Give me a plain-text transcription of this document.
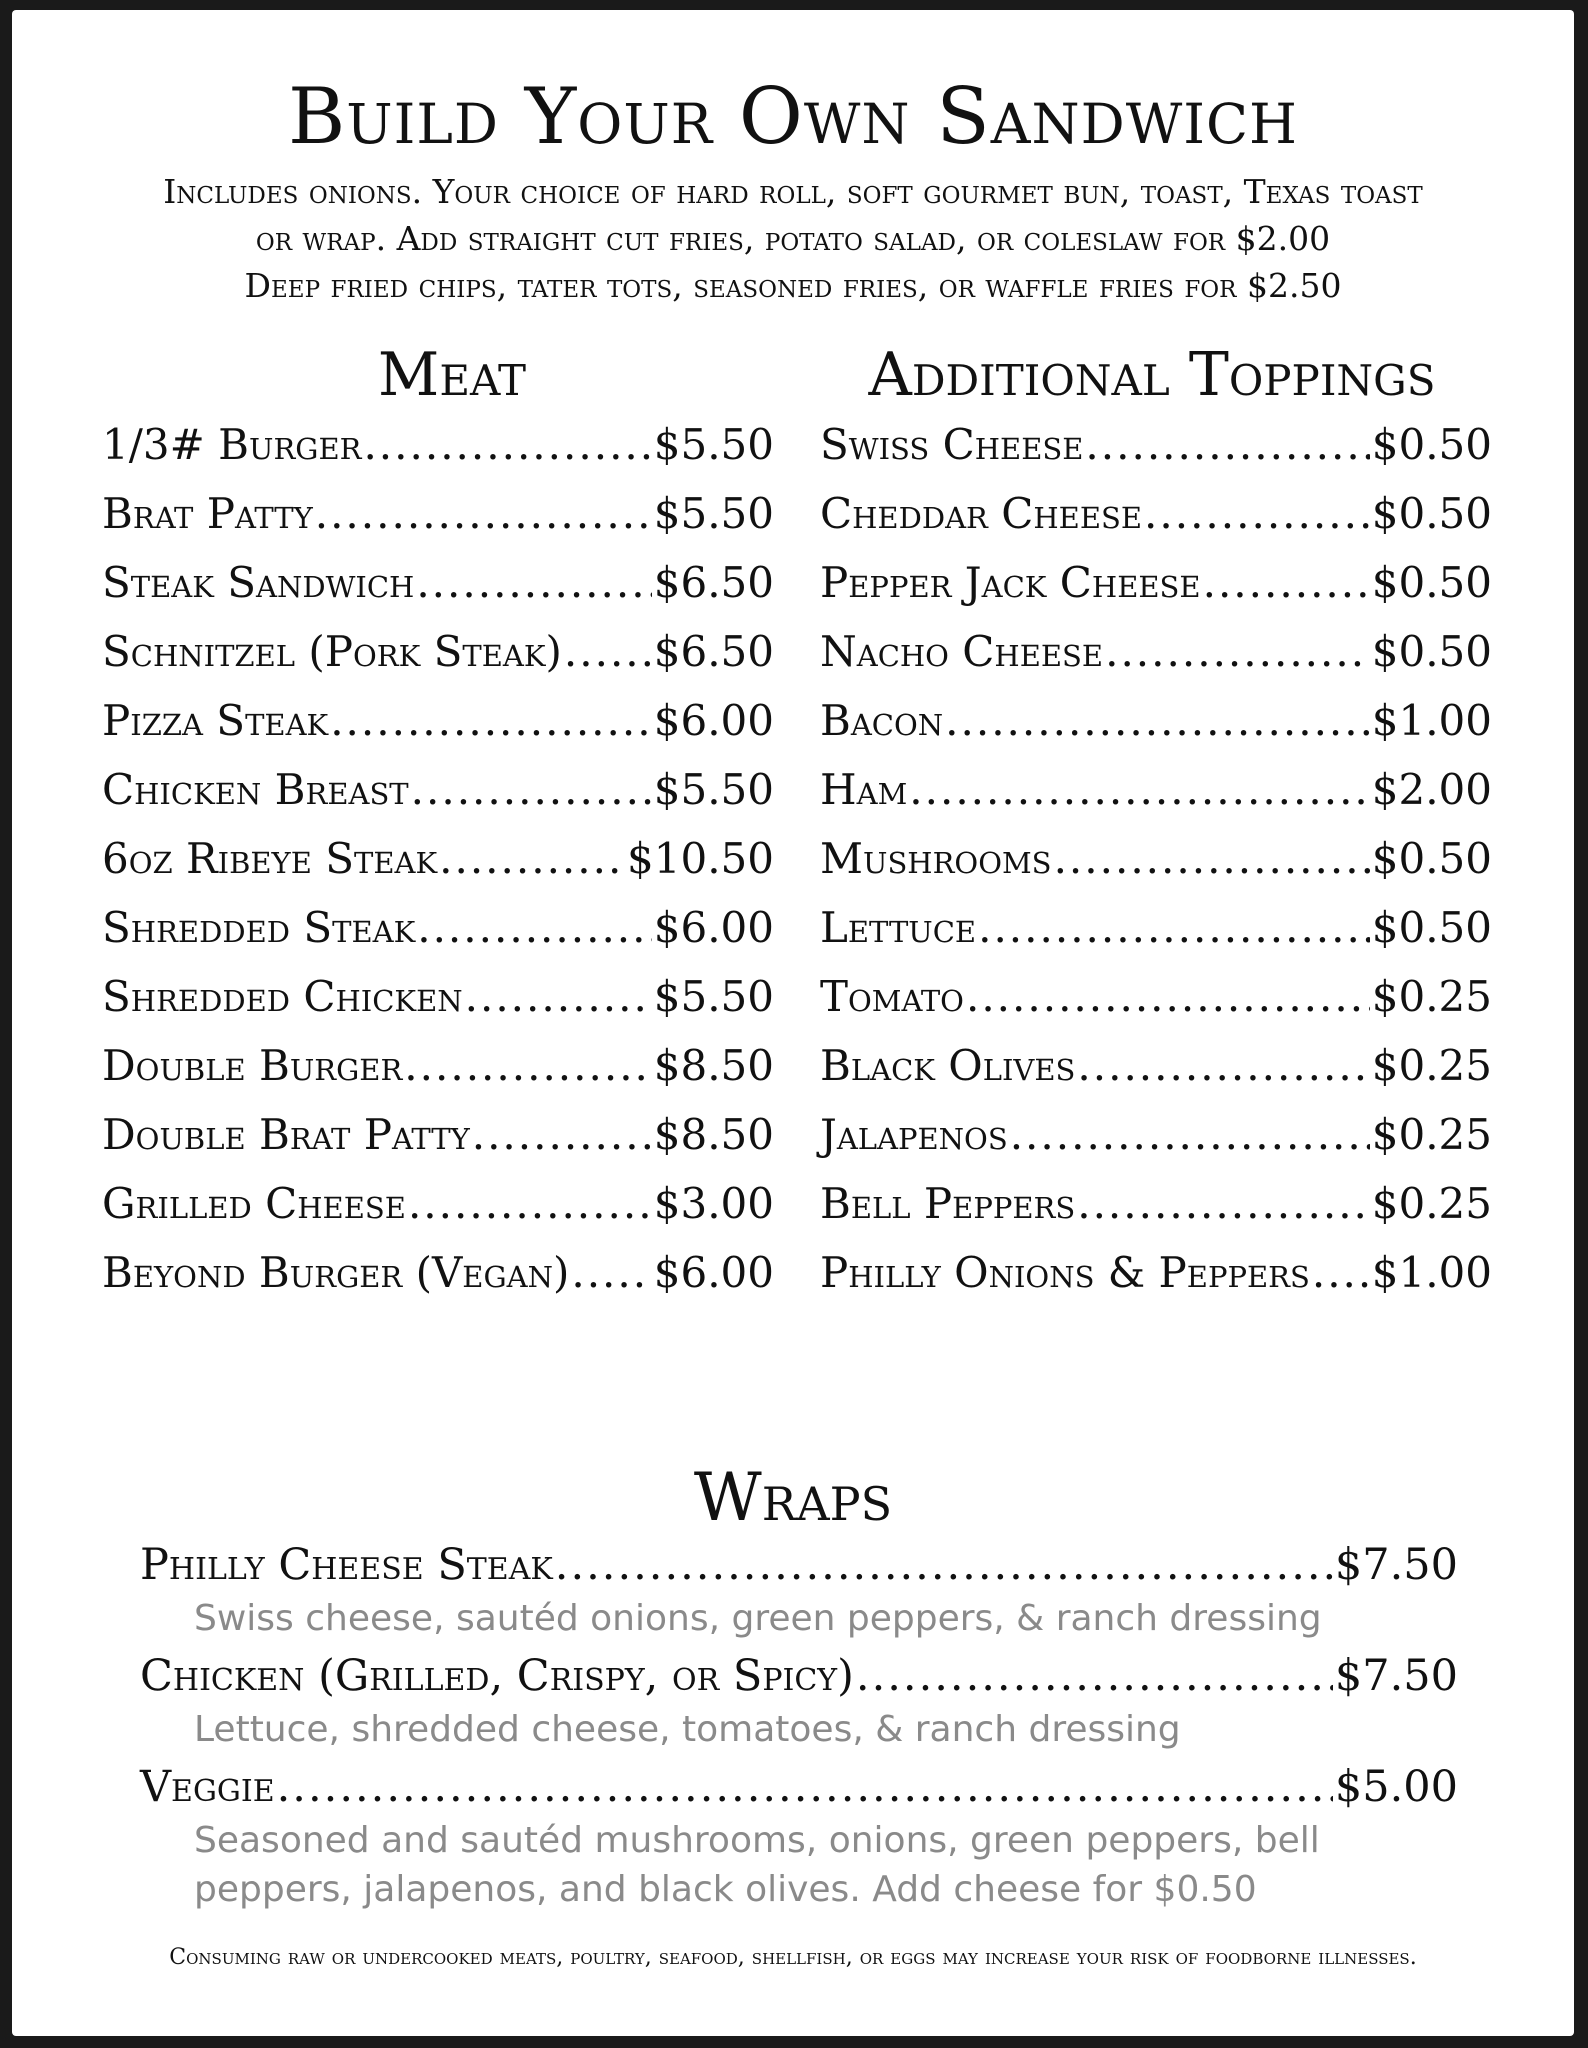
Build Your Own Sandwich
Includes onions. Your choice of hard roll, soft gourmet bun, toast, Texas toast
or wrap. Add straight cut fries, potato salad, or coleslaw for $2.00
Deep fried chips, tater tots, seasoned fries, or waffle fries for $2.50
Meat	Additional Toppings
1/3# Burger .....	$5.50
Brat Patty .....	$5.50
Steak Sandwich .....	$6.50
Schnitzel (Pork Steak) ..... $6.50
Pizza Steak .....	$6.00
Chicken Breast .....	$5.50
6oz Ribeye Steak .....	$10.50
Shredded Steak .....	$6.00
Shredded Chicken .....	$5.50
Double Burger .....	$8.50
Double Brat Patty .....	$8.50
Grilled Cheese .....	$3.00
Beyond Burger (Vegan) ..... $6.00
Swiss Cheese .....	$0.50
Cheddar Cheese .....	$0.50
Pepper Jack Cheese .....	$0.50
Nacho Cheese .....	$0.50
Bacon .....	$1.00
Ham .....	$2.00
Mushrooms .....	$0.50
Lettuce .....	$0.50
Tomato .....	$0.25
Black Olives .....	$0.25
Jalapenos .....	$0.25
Bell Peppers .....	$0.25
Philly Onions & Peppers ..... $1.00
Wraps
Philly Cheese Steak .....	$7.50
Swiss cheese, sautéd onions, green peppers, & ranch dressing
Chicken (Grilled, Crispy, or Spicy) .....	$7.50
Lettuce, shredded cheese, tomatoes, & ranch dressing
Veggie .....	$5.00
Seasoned and sautéd mushrooms, onions, green peppers, bell peppers, jalapenos, and black olives. Add cheese for $0.50
Consuming raw or undercooked meats, poultry, seafood, shellfish, or eggs may increase your risk of foodborne illnesses.
